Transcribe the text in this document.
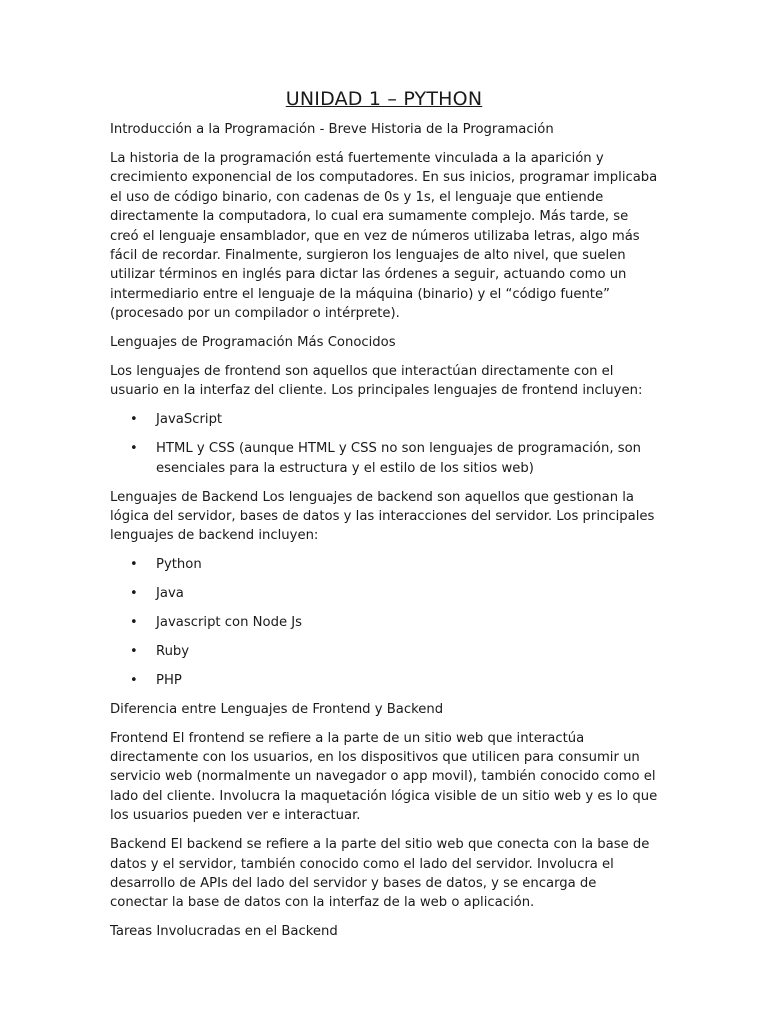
UNIDAD 1 – PYTHON

Introducción a la Programación - Breve Historia de la Programación

La historia de la programación está fuertemente vinculada a la aparición y crecimiento exponencial de los computadores. En sus inicios, programar implicaba el uso de código binario, con cadenas de 0s y 1s, el lenguaje que entiende directamente la computadora, lo cual era sumamente complejo. Más tarde, se creó el lenguaje ensamblador, que en vez de números utilizaba letras, algo más fácil de recordar. Finalmente, surgieron los lenguajes de alto nivel, que suelen utilizar términos en inglés para dictar las órdenes a seguir, actuando como un intermediario entre el lenguaje de la máquina (binario) y el “código fuente” (procesado por un compilador o intérprete).

Lenguajes de Programación Más Conocidos

Los lenguajes de frontend son aquellos que interactúan directamente con el usuario en la interfaz del cliente. Los principales lenguajes de frontend incluyen:

• JavaScript
• HTML y CSS (aunque HTML y CSS no son lenguajes de programación, son esenciales para la estructura y el estilo de los sitios web)

Lenguajes de Backend Los lenguajes de backend son aquellos que gestionan la lógica del servidor, bases de datos y las interacciones del servidor. Los principales lenguajes de backend incluyen:

• Python
• Java
• Javascript con Node Js
• Ruby
• PHP

Diferencia entre Lenguajes de Frontend y Backend

Frontend El frontend se refiere a la parte de un sitio web que interactúa directamente con los usuarios, en los dispositivos que utilicen para consumir un servicio web (normalmente un navegador o app movil), también conocido como el lado del cliente. Involucra la maquetación lógica visible de un sitio web y es lo que los usuarios pueden ver e interactuar.

Backend El backend se refiere a la parte del sitio web que conecta con la base de datos y el servidor, también conocido como el lado del servidor. Involucra el desarrollo de APIs del lado del servidor y bases de datos, y se encarga de conectar la base de datos con la interfaz de la web o aplicación.

Tareas Involucradas en el Backend
